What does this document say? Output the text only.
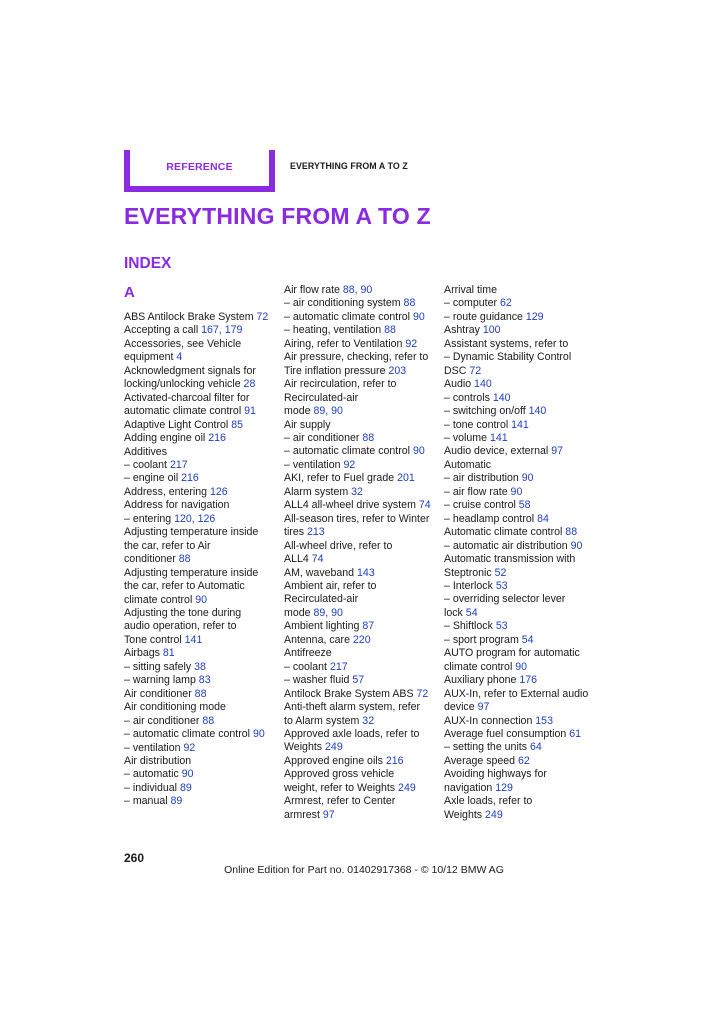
REFERENCE	EVERYTHING FROM A TO Z
EVERYTHING FROM A TO Z
INDEX
A
ABS Antilock Brake System 72
Accepting a call 167, 179
Accessories, see Vehicle
equipment 4
Acknowledgment signals for
locking/unlocking vehicle 28
Activated-charcoal filter for
automatic climate control 91
Adaptive Light Control 85
Adding engine oil 216
Additives
– coolant 217
– engine oil 216
Address, entering 126
Address for navigation
– entering 120, 126
Adjusting temperature inside
the car, refer to Air
conditioner 88
Adjusting temperature inside
the car, refer to Automatic
climate control 90
Adjusting the tone during
audio operation, refer to
Tone control 141
Airbags 81
– sitting safely 38
– warning lamp 83
Air conditioner 88
Air conditioning mode
– air conditioner 88
– automatic climate control 90
– ventilation 92
Air distribution
– automatic 90
– individual 89
– manual 89
Air flow rate 88, 90
– air conditioning system 88
– automatic climate control 90
– heating, ventilation 88
Airing, refer to Ventilation 92
Air pressure, checking, refer to
Tire inflation pressure 203
Air recirculation, refer to
Recirculated-air
mode 89, 90
Air supply
– air conditioner 88
– automatic climate control 90
– ventilation 92
AKI, refer to Fuel grade 201
Alarm system 32
ALL4 all-wheel drive system 74
All-season tires, refer to Winter
tires 213
All-wheel drive, refer to
ALL4 74
AM, waveband 143
Ambient air, refer to
Recirculated-air
mode 89, 90
Ambient lighting 87
Antenna, care 220
Antifreeze
– coolant 217
– washer fluid 57
Antilock Brake System ABS 72
Anti-theft alarm system, refer
to Alarm system 32
Approved axle loads, refer to
Weights 249
Approved engine oils 216
Approved gross vehicle
weight, refer to Weights 249
Armrest, refer to Center
armrest 97
Arrival time
– computer 62
– route guidance 129
Ashtray 100
Assistant systems, refer to
– Dynamic Stability Control
DSC 72
Audio 140
– controls 140
– switching on/off 140
– tone control 141
– volume 141
Audio device, external 97
Automatic
– air distribution 90
– air flow rate 90
– cruise control 58
– headlamp control 84
Automatic climate control 88
– automatic air distribution 90
Automatic transmission with
Steptronic 52
– Interlock 53
– overriding selector lever
lock 54
– Shiftlock 53
– sport program 54
AUTO program for automatic
climate control 90
Auxiliary phone 176
AUX-In, refer to External audio
device 97
AUX-In connection 153
Average fuel consumption 61
– setting the units 64
Average speed 62
Avoiding highways for
navigation 129
Axle loads, refer to
Weights 249
260
Online Edition for Part no. 01402917368 - © 10/12 BMW AG
